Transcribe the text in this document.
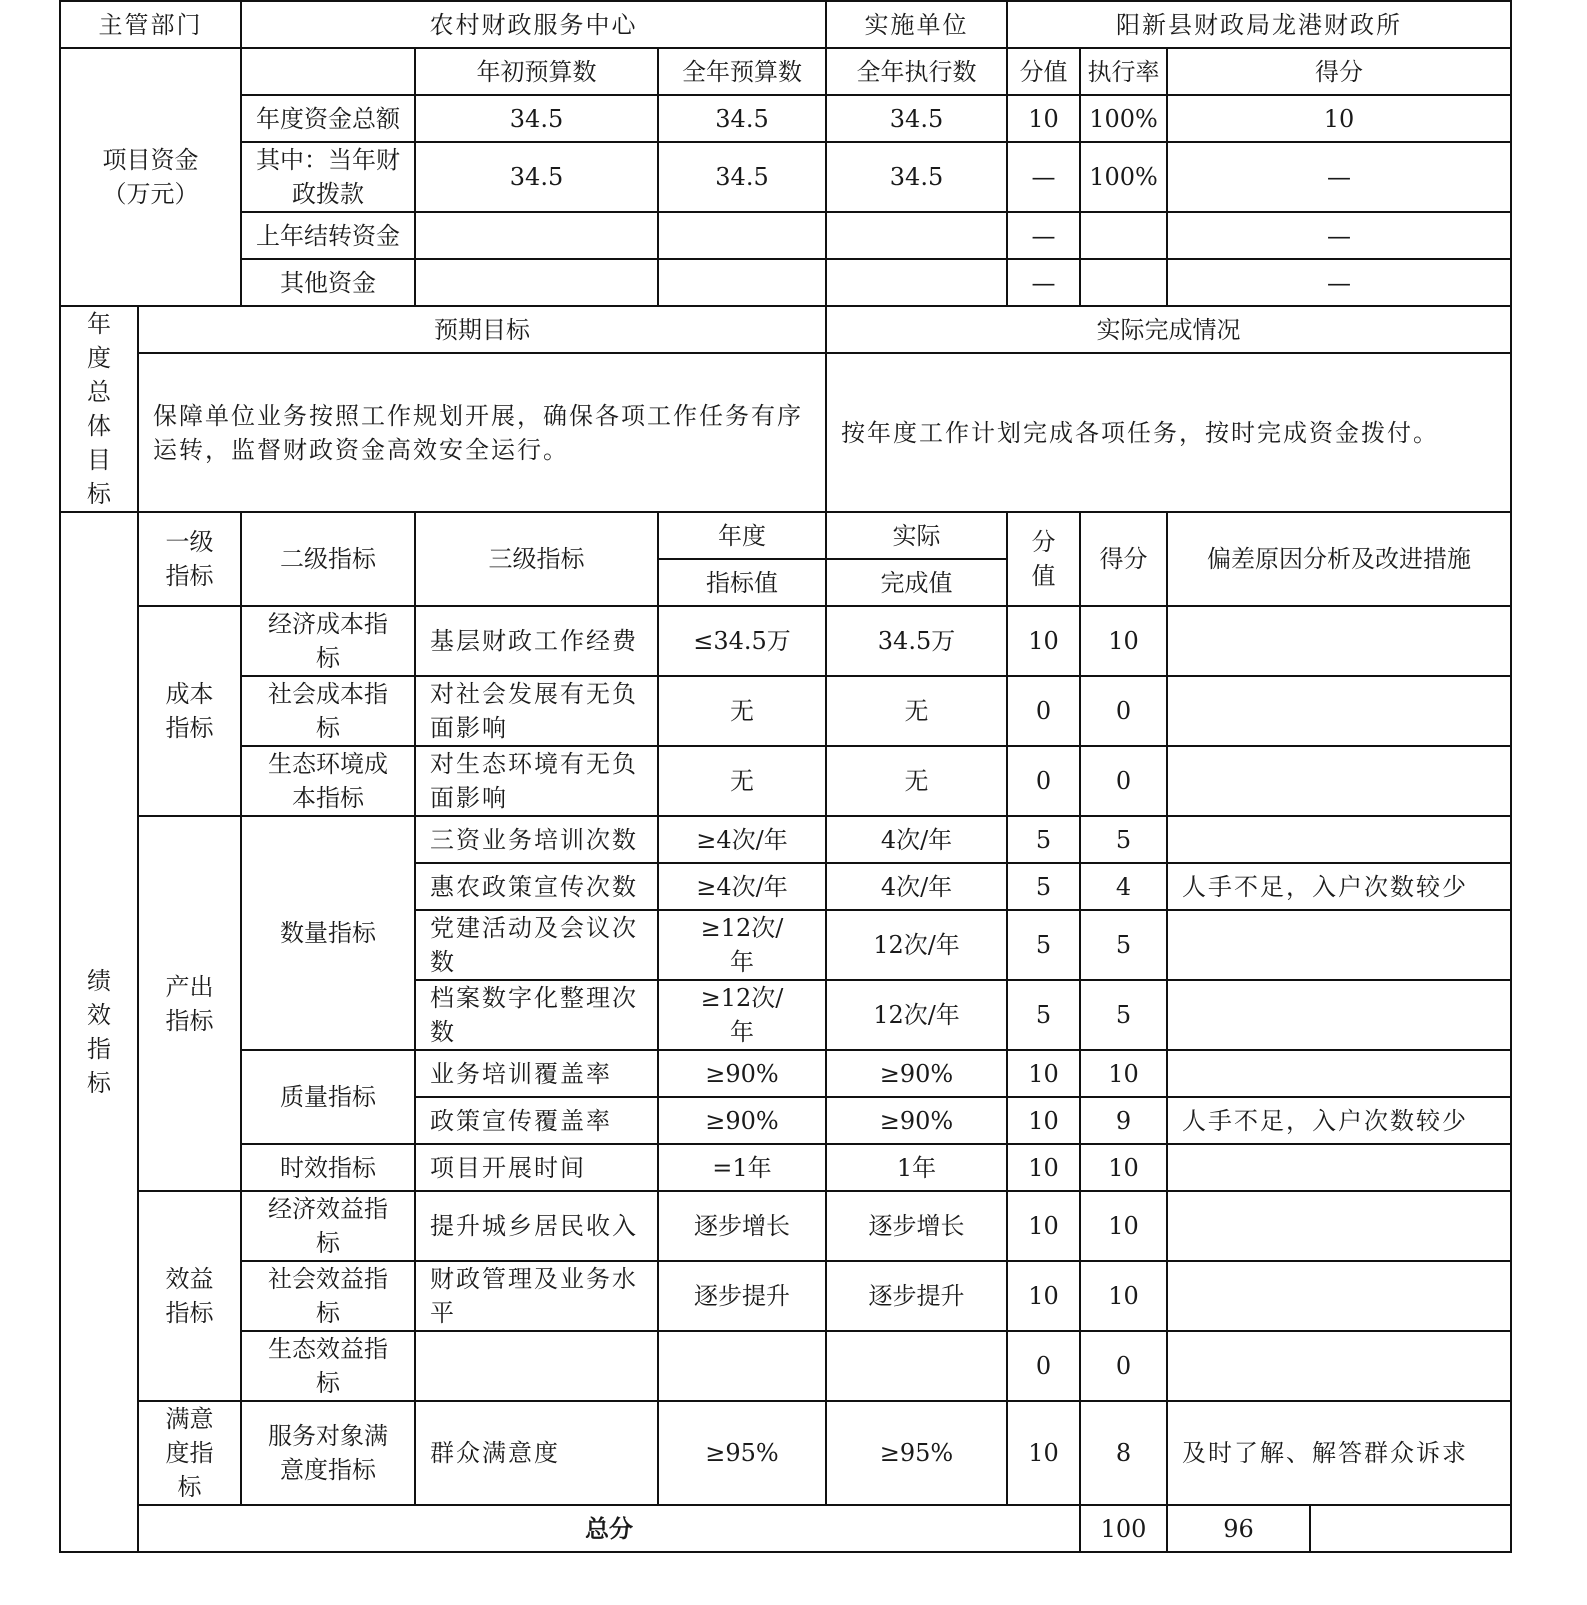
主管部门		农村财政服务中心			实施单位	阳新县财政局龙港财政所			
项目资金（万元）			年初预算数	全年预算数	全年执行数	分值	执行率	得分	
		年度资金总额	34.5	34.5	34.5	10	100%	10	
		其中：当年财政拨款	34.5	34.5	34.5	—	100%	—	
		上年结转资金				—		—	
		其他资金				—		—	
年度总体目标	预期目标				实际完成情况				
	保障单位业务按照工作规划开展，确保各项工作任务有序运转，监督财政资金高效安全运行。				按年度工作计划完成各项任务，按时完成资金拨付。				
绩效指标	一级指标	二级指标	三级指标	年度	实际	分值	得分	偏差原因分析及改进措施	
				指标值	完成值				
	成本指标	经济成本指标	基层财政工作经费	≤34.5万	34.5万	10	10		
		社会成本指标	对社会发展有无负面影响	无	无	0	0		
		生态环境成本指标	对生态环境有无负面影响	无	无	0	0		
	产出指标	数量指标	三资业务培训次数	≥4次/年	4次/年	5	5		
			惠农政策宣传次数	≥4次/年	4次/年	5	4	人手不足，入户次数较少	
			党建活动及会议次数	≥12次/年	12次/年	5	5		
			档案数字化整理次数	≥12次/年	12次/年	5	5		
		质量指标	业务培训覆盖率	≥90%	≥90%	10	10		
			政策宣传覆盖率	≥90%	≥90%	10	9	人手不足，入户次数较少	
		时效指标	项目开展时间	=1年	1年	10	10		
	效益指标	经济效益指标	提升城乡居民收入	逐步增长	逐步增长	10	10		
		社会效益指标	财政管理及业务水平	逐步提升	逐步提升	10	10		
		生态效益指标				0	0		
	满意度指标	服务对象满意度指标	群众满意度	≥95%	≥95%	10	8	及时了解、解答群众诉求	
	总分						100	96	
